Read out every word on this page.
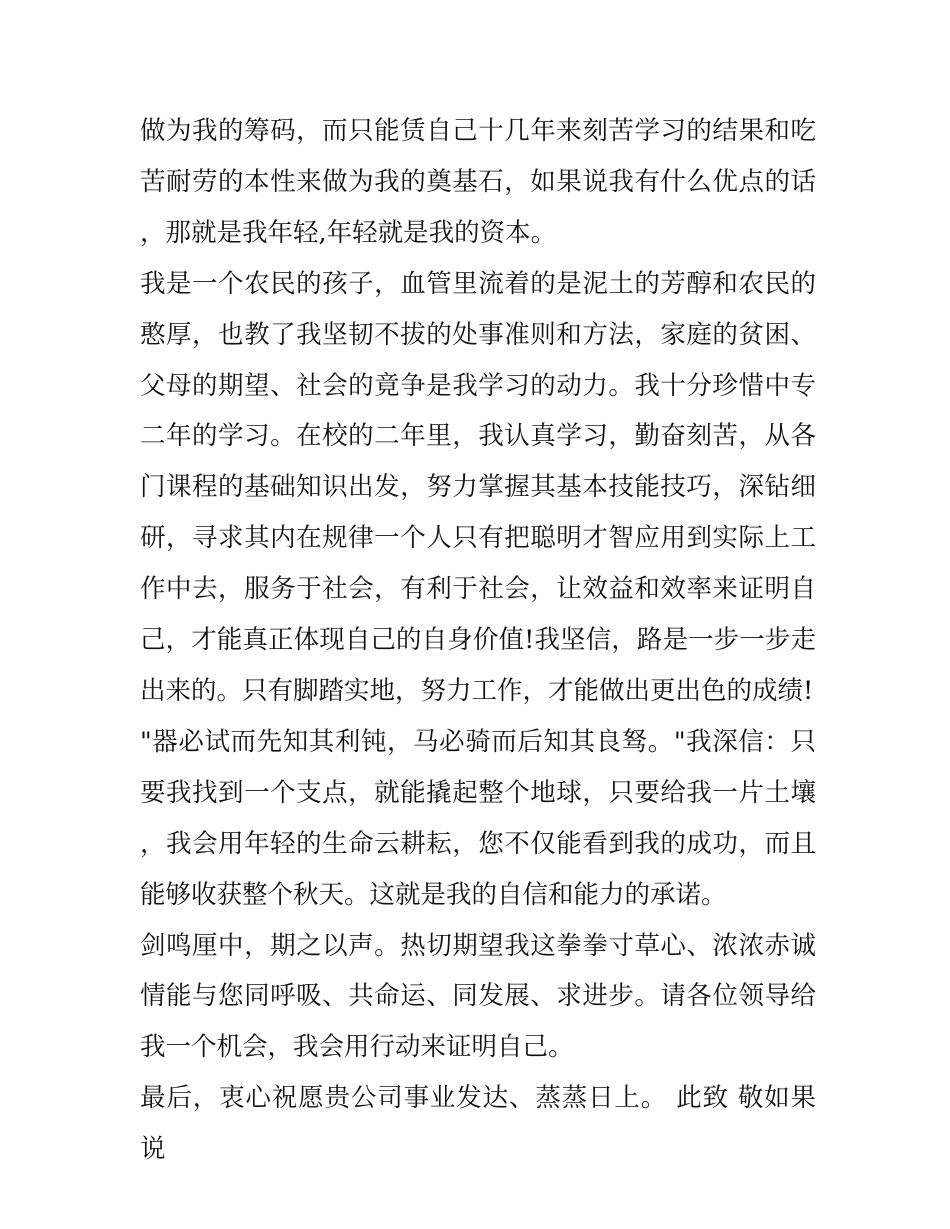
做为我的筹码，而只能赁自己十几年来刻苦学习的结果和吃苦耐劳的本性来做为我的奠基石，如果说我有什么优点的话，那就是我年轻,年轻就是我的资本。

我是一个农民的孩子，血管里流着的是泥土的芳醇和农民的憨厚，也教了我坚韧不拔的处事准则和方法，家庭的贫困、父母的期望、社会的竟争是我学习的动力。我十分珍惜中专二年的学习。在校的二年里，我认真学习，勤奋刻苦，从各门课程的基础知识出发，努力掌握其基本技能技巧，深钻细研，寻求其内在规律一个人只有把聪明才智应用到实际上工作中去，服务于社会，有利于社会，让效益和效率来证明自己，才能真正体现自己的自身价值!我坚信，路是一步一步走出来的。只有脚踏实地，努力工作，才能做出更出色的成绩!

"器必试而先知其利钝，马必骑而后知其良驽。"我深信：只要我找到一个支点，就能撬起整个地球，只要给我一片土壤，我会用年轻的生命云耕耘，您不仅能看到我的成功，而且能够收获整个秋天。这就是我的自信和能力的承诺。

剑鸣厘中，期之以声。热切期望我这拳拳寸草心、浓浓赤诚情能与您同呼吸、共命运、同发展、求进步。请各位领导给我一个机会，我会用行动来证明自己。

最后，衷心祝愿贵公司事业发达、蒸蒸日上。 此致 敬如果说
